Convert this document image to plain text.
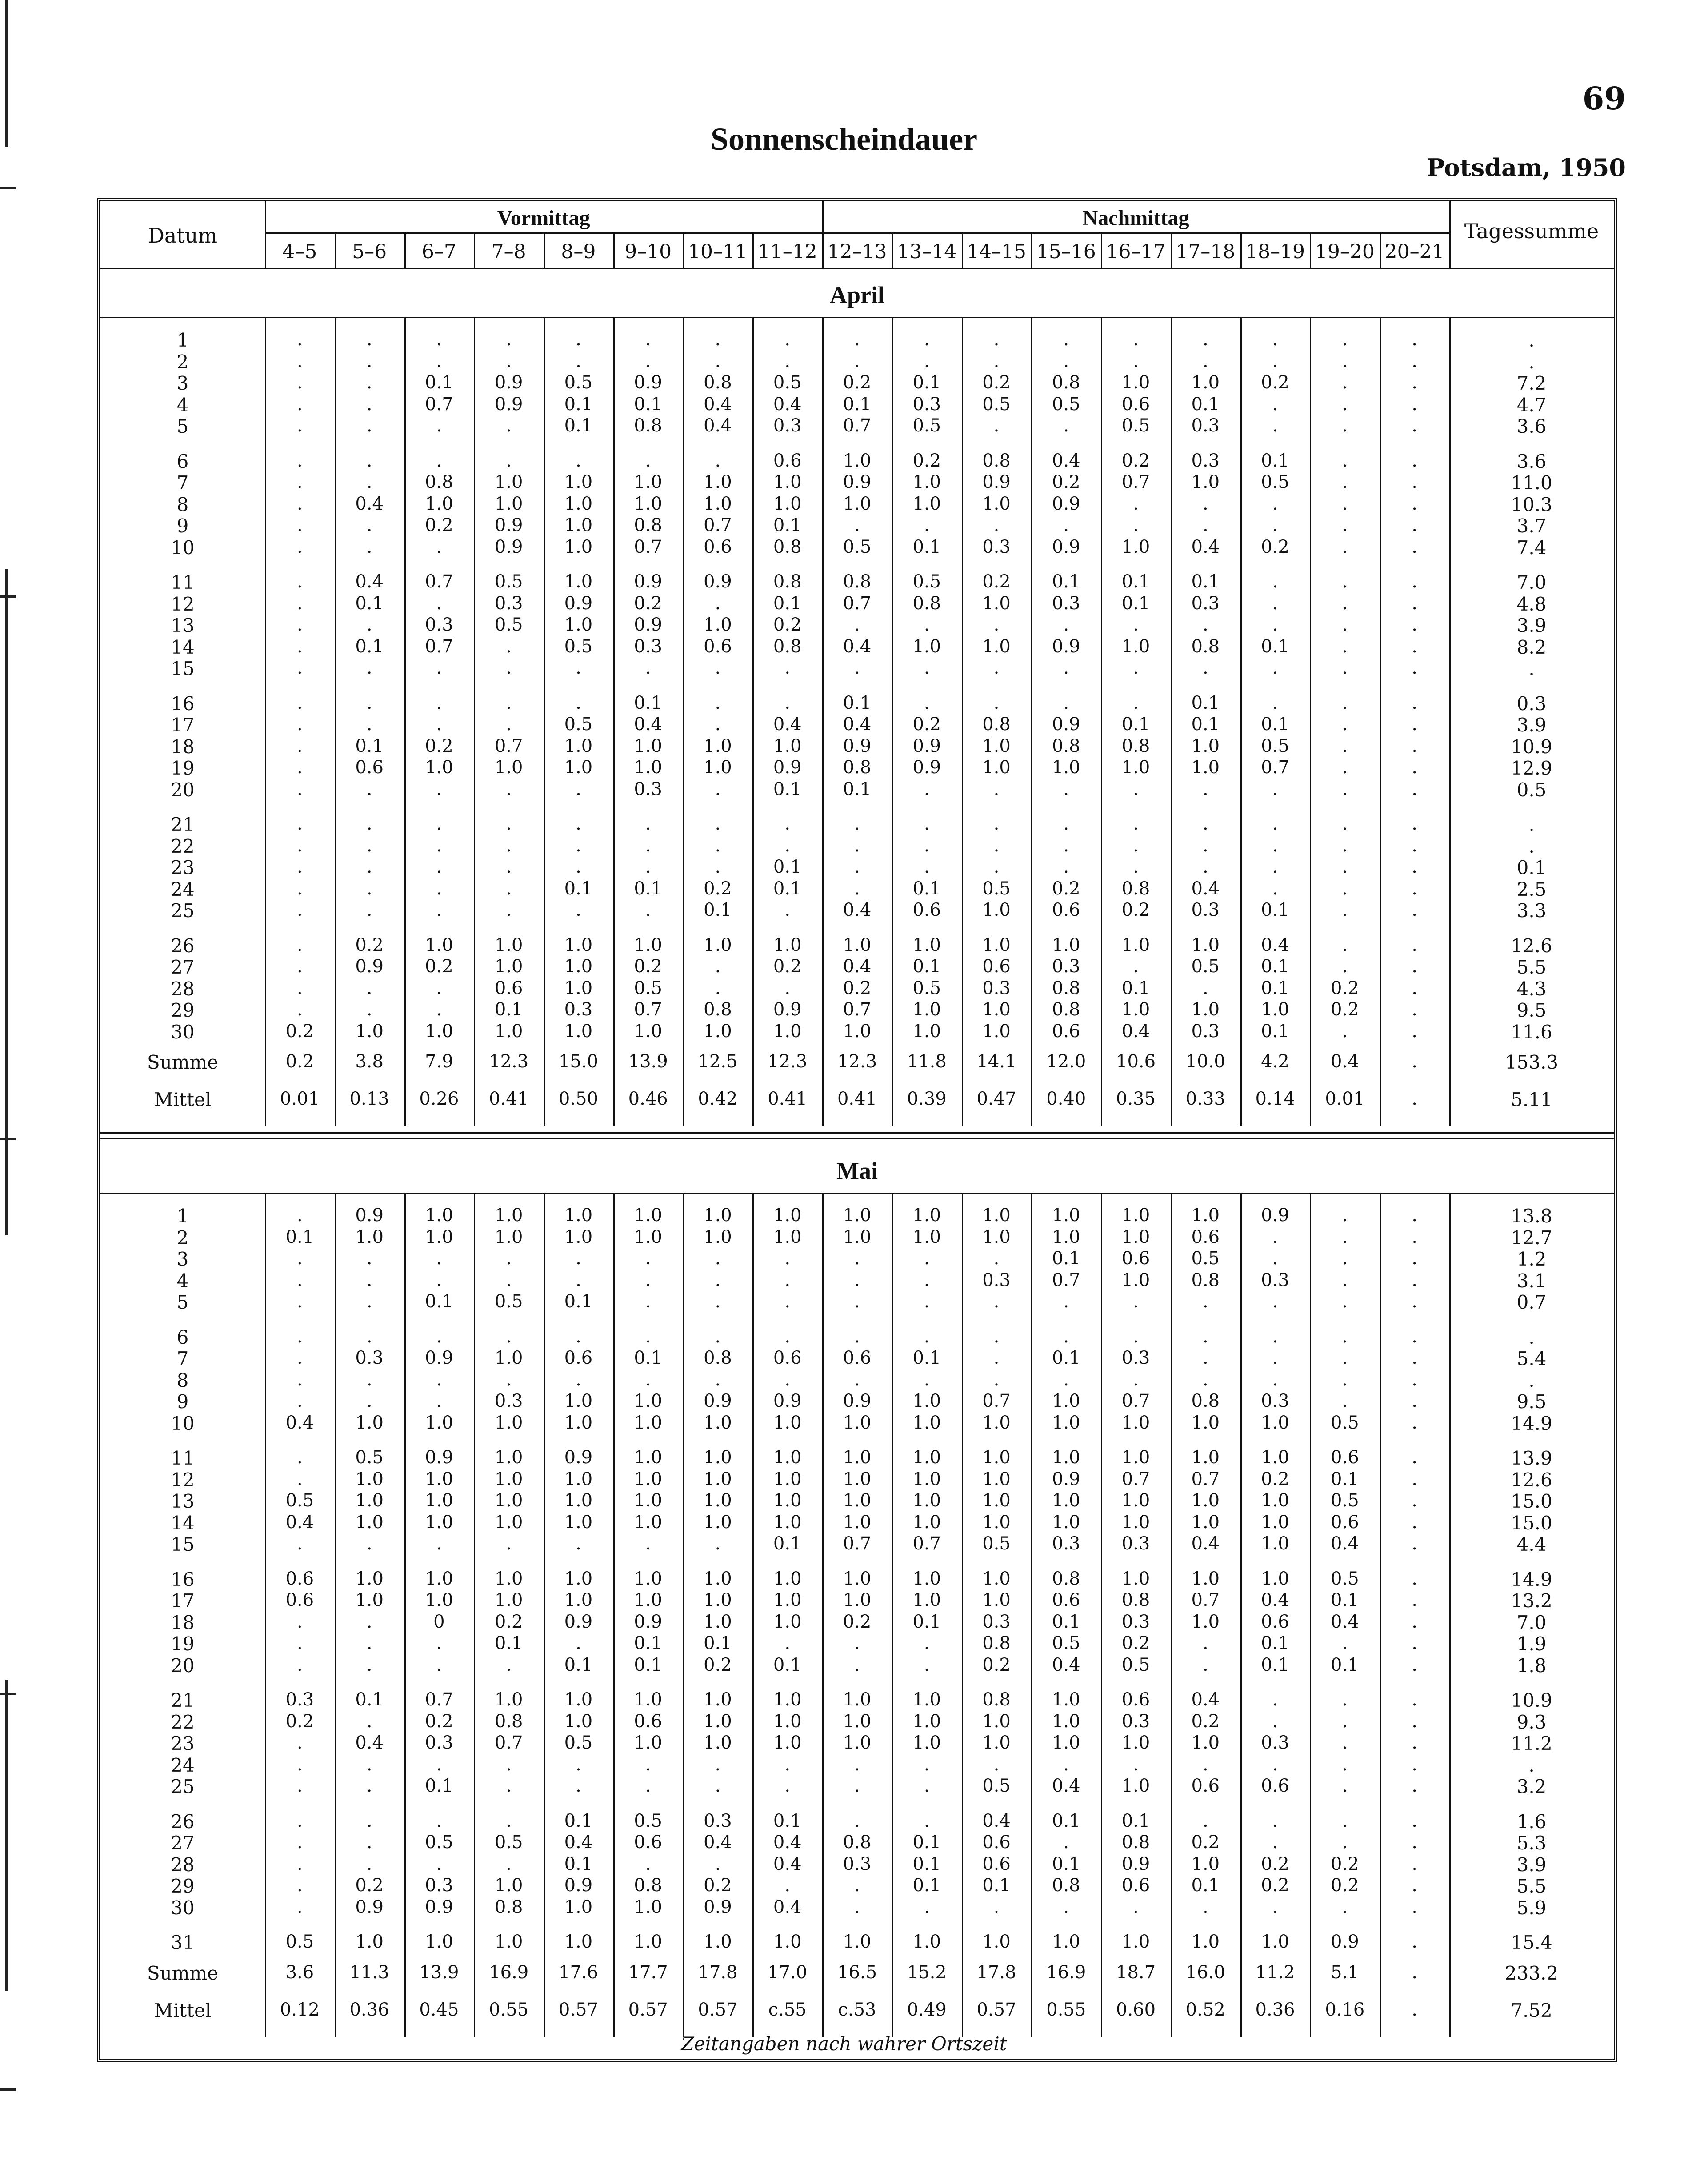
69
Sonnenscheindauer
Potsdam, 1950
Datum
Vormittag	Nachmittag
Tagessumme
4–5	5–6	6–7	7–8	8–9	9–10 10–11 11–12 12–13 13–14 14–15 15–16 16–17 17–18 18–19 19–20 20–21
April
1	.	.	.	.	.	.	.	.	.	.	.	.	.	.	.	.	.	.
2	.	.	.	.	.	.	.	.	.	.	.	.	.	.	.	.	.	.
3	.	.	0.1	0.9	0.5	0.9	0.8	0.5	0.2	0.1	0.2	0.8	1.0	1.0	0.2	.	.	7.2
4	.	.	0.7	0.9	0.1	0.1	0.4	0.4	0.1	0.3	0.5	0.5	0.6	0.1	.	.	.	4.7
5	.	.	.	.	0.1	0.8	0.4	0.3	0.7	0.5	.	.	0.5	0.3	.	.	.	3.6
6	.	.	.	.	.	.	.	0.6	1.0	0.2	0.8	0.4	0.2	0.3	0.1	.	.	3.6
7	.	.	0.8	1.0	1.0	1.0	1.0	1.0	0.9	1.0	0.9	0.2	0.7	1.0	0.5	.	.	11.0
8	.	0.4	1.0	1.0	1.0	1.0	1.0	1.0	1.0	1.0	1.0	0.9	.	.	.	.	.	10.3
9	.	.	0.2	0.9	1.0	0.8	0.7	0.1	.	.	.	.	.	.	.	.	.	3.7
10	.	.	.	0.9	1.0	0.7	0.6	0.8	0.5	0.1	0.3	0.9	1.0	0.4	0.2	.	.	7.4
11	.	0.4	0.7	0.5	1.0	0.9	0.9	0.8	0.8	0.5	0.2	0.1	0.1	0.1	.	.	.	7.0
12	.	0.1	.	0.3	0.9	0.2	.	0.1	0.7	0.8	1.0	0.3	0.1	0.3	.	.	.	4.8
13	.	.	0.3	0.5	1.0	0.9	1.0	0.2	.	.	.	.	.	.	.	.	.	3.9
14	.	0.1	0.7	.	0.5	0.3	0.6	0.8	0.4	1.0	1.0	0.9	1.0	0.8	0.1	.	.	8.2
15	.	.	.	.	.	.	.	.	.	.	.	.	.	.	.	.	.	.
16	.	.	.	.	.	0.1	.	.	0.1	.	.	.	.	0.1	.	.	.	0.3
17	.	.	.	.	0.5	0.4	.	0.4	0.4	0.2	0.8	0.9	0.1	0.1	0.1	.	.	3.9
18	.	0.1	0.2	0.7	1.0	1.0	1.0	1.0	0.9	0.9	1.0	0.8	0.8	1.0	0.5	.	.	10.9
19	.	0.6	1.0	1.0	1.0	1.0	1.0	0.9	0.8	0.9	1.0	1.0	1.0	1.0	0.7	.	.	12.9
20	.	.	.	.	.	0.3	.	0.1	0.1	.	.	.	.	.	.	.	.	0.5
21	.	.	.	.	.	.	.	.	.	.	.	.	.	.	.	.	.	.
22	.	.	.	.	.	.	.	.	.	.	.	.	.	.	.	.	.	.
23	.	.	.	.	.	.	.	0.1	.	.	.	.	.	.	.	.	.	0.1
24	.	.	.	.	0.1	0.1	0.2	0.1	.	0.1	0.5	0.2	0.8	0.4	.	.	.	2.5
25	.	.	.	.	.	.	0.1	.	0.4	0.6	1.0	0.6	0.2	0.3	0.1	.	.	3.3
26	.	0.2	1.0	1.0	1.0	1.0	1.0	1.0	1.0	1.0	1.0	1.0	1.0	1.0	0.4	.	.	12.6
27	.	0.9	0.2	1.0	1.0	0.2	.	0.2	0.4	0.1	0.6	0.3	.	0.5	0.1	.	.	5.5
28	.	.	.	0.6	1.0	0.5	.	.	0.2	0.5	0.3	0.8	0.1	.	0.1	0.2	.	4.3
29	.	.	.	0.1	0.3	0.7	0.8	0.9	0.7	1.0	1.0	0.8	1.0	1.0	1.0	0.2	.	9.5
30	0.2	1.0	1.0	1.0	1.0	1.0	1.0	1.0	1.0	1.0	1.0	0.6	0.4	0.3	0.1	.	.	11.6
Summe	0.2	3.8	7.9	12.3	15.0	13.9	12.5	12.3	12.3	11.8	14.1	12.0	10.6	10.0	4.2	0.4	.	153.3
Mittel	0.01	0.13	0.26	0.41	0.50	0.46	0.42	0.41	0.41	0.39	0.47	0.40	0.35	0.33	0.14	0.01	.	5.11
Mai
1	.	0.9	1.0	1.0	1.0	1.0	1.0	1.0	1.0	1.0	1.0	1.0	1.0	1.0	0.9	.	.	13.8
2	0.1	1.0	1.0	1.0	1.0	1.0	1.0	1.0	1.0	1.0	1.0	1.0	1.0	0.6	.	.	.	12.7
3	.	.	.	.	.	.	.	.	.	.	.	0.1	0.6	0.5	.	.	.	1.2
4	.	.	.	.	.	.	.	.	.	.	0.3	0.7	1.0	0.8	0.3	.	.	3.1
5	.	.	0.1	0.5	0.1	.	.	.	.	.	.	.	.	.	.	.	.	0.7
6	.	.	.	.	.	.	.	.	.	.	.	.	.	.	.	.	.	.
7	.	0.3	0.9	1.0	0.6	0.1	0.8	0.6	0.6	0.1	.	0.1	0.3	.	.	.	.	5.4
8	.	.	.	.	.	.	.	.	.	.	.	.	.	.	.	.	.	.
9	.	.	.	0.3	1.0	1.0	0.9	0.9	0.9	1.0	0.7	1.0	0.7	0.8	0.3	.	.	9.5
10	0.4	1.0	1.0	1.0	1.0	1.0	1.0	1.0	1.0	1.0	1.0	1.0	1.0	1.0	1.0	0.5	.	14.9
11	.	0.5	0.9	1.0	0.9	1.0	1.0	1.0	1.0	1.0	1.0	1.0	1.0	1.0	1.0	0.6	.	13.9
12	.	1.0	1.0	1.0	1.0	1.0	1.0	1.0	1.0	1.0	1.0	0.9	0.7	0.7	0.2	0.1	.	12.6
13	0.5	1.0	1.0	1.0	1.0	1.0	1.0	1.0	1.0	1.0	1.0	1.0	1.0	1.0	1.0	0.5	.	15.0
14	0.4	1.0	1.0	1.0	1.0	1.0	1.0	1.0	1.0	1.0	1.0	1.0	1.0	1.0	1.0	0.6	.	15.0
15	.	.	.	.	.	.	.	0.1	0.7	0.7	0.5	0.3	0.3	0.4	1.0	0.4	.	4.4
16	0.6	1.0	1.0	1.0	1.0	1.0	1.0	1.0	1.0	1.0	1.0	0.8	1.0	1.0	1.0	0.5	.	14.9
17	0.6	1.0	1.0	1.0	1.0	1.0	1.0	1.0	1.0	1.0	1.0	0.6	0.8	0.7	0.4	0.1	.	13.2
18	.	.	0	0.2	0.9	0.9	1.0	1.0	0.2	0.1	0.3	0.1	0.3	1.0	0.6	0.4	.	7.0
19	.	.	.	0.1	.	0.1	0.1	.	.	.	0.8	0.5	0.2	.	0.1	.	.	1.9
20	.	.	.	.	0.1	0.1	0.2	0.1	.	.	0.2	0.4	0.5	.	0.1	0.1	.	1.8
21	0.3	0.1	0.7	1.0	1.0	1.0	1.0	1.0	1.0	1.0	0.8	1.0	0.6	0.4	.	.	.	10.9
22	0.2	.	0.2	0.8	1.0	0.6	1.0	1.0	1.0	1.0	1.0	1.0	0.3	0.2	.	.	.	9.3
23	.	0.4	0.3	0.7	0.5	1.0	1.0	1.0	1.0	1.0	1.0	1.0	1.0	1.0	0.3	.	.	11.2
24	.	.	.	.	.	.	.	.	.	.	.	.	.	.	.	.	.	.
25	.	.	0.1	.	.	.	.	.	.	.	0.5	0.4	1.0	0.6	0.6	.	.	3.2
26	.	.	.	.	0.1	0.5	0.3	0.1	.	.	0.4	0.1	0.1	.	.	.	.	1.6
27	.	.	0.5	0.5	0.4	0.6	0.4	0.4	0.8	0.1	0.6	.	0.8	0.2	.	.	.	5.3
28	.	.	.	.	0.1	.	.	0.4	0.3	0.1	0.6	0.1	0.9	1.0	0.2	0.2	.	3.9
29	.	0.2	0.3	1.0	0.9	0.8	0.2	.	.	0.1	0.1	0.8	0.6	0.1	0.2	0.2	.	5.5
30	.	0.9	0.9	0.8	1.0	1.0	0.9	0.4	.	.	.	.	.	.	.	.	.	5.9
31	0.5	1.0	1.0	1.0	1.0	1.0	1.0	1.0	1.0	1.0	1.0	1.0	1.0	1.0	1.0	0.9	.	15.4
Summe	3.6	11.3	13.9	16.9	17.6	17.7	17.8	17.0	16.5	15.2	17.8	16.9	18.7	16.0	11.2	5.1	.	233.2
Mittel	0.12	0.36	0.45	0.55	0.57	0.57	0.57	c.55	c.53	0.49	0.57	0.55	0.60	0.52	0.36	0.16	.	7.52
Zeitangaben nach wahrer Ortszeit
